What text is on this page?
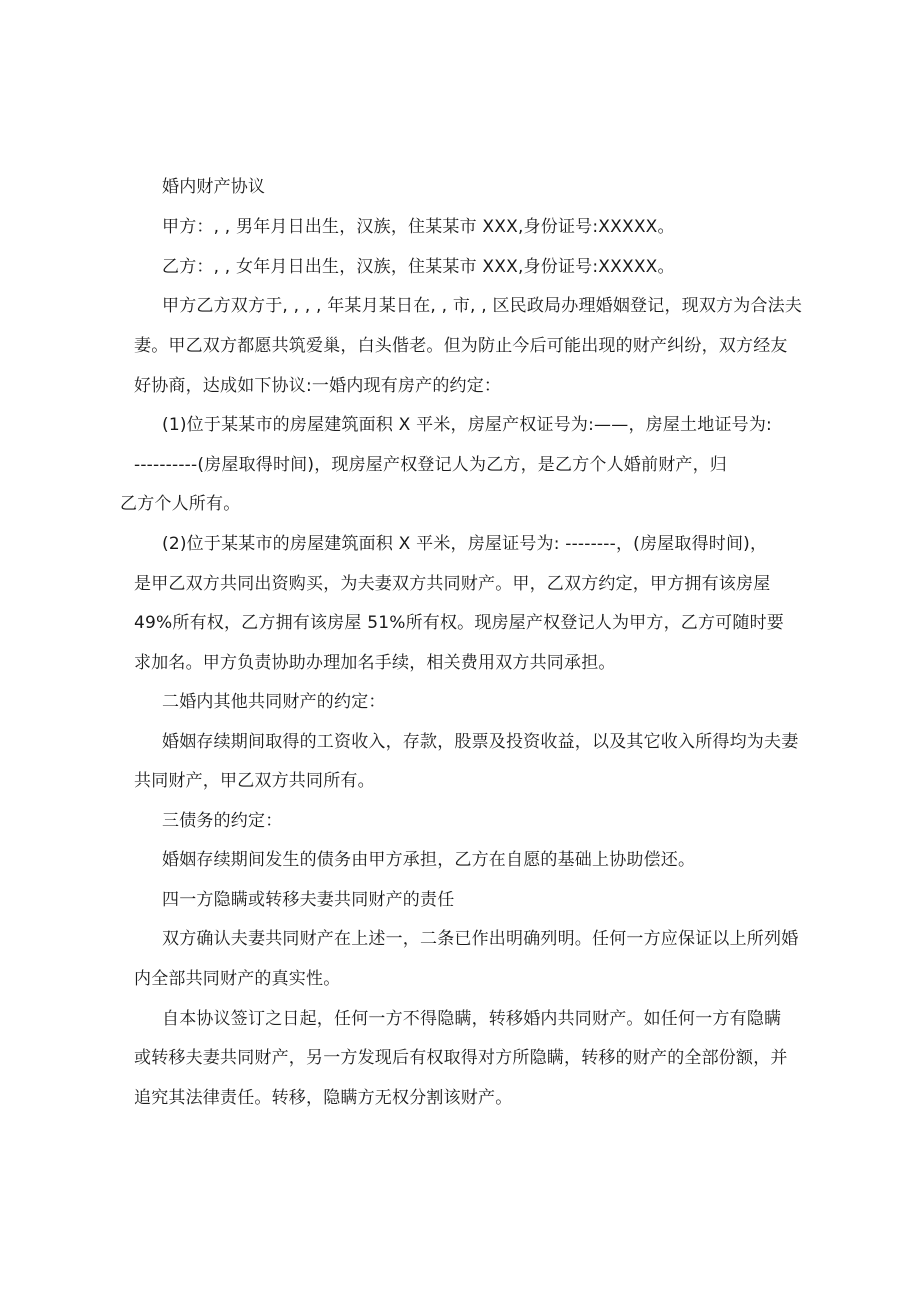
婚内财产协议
甲方：, , 男年月日出生，汉族，住某某市 XXX,身份证号:XXXXX。
乙方：, , 女年月日出生，汉族，住某某市 XXX,身份证号:XXXXX。
甲方乙方双方于, , , , 年某月某日在, , 市, , 区民政局办理婚姻登记，现双方为合法夫
妻。甲乙双方都愿共筑爱巢，白头偕老。但为防止今后可能出现的财产纠纷，双方经友
好协商，达成如下协议:一婚内现有房产的约定：
(1)位于某某市的房屋建筑面积 X 平米，房屋产权证号为:——，房屋土地证号为:
----------(房屋取得时间)，现房屋产权登记人为乙方，是乙方个人婚前财产，归
乙方个人所有。
(2)位于某某市的房屋建筑面积 X 平米，房屋证号为: --------，(房屋取得时间)，
是甲乙双方共同出资购买，为夫妻双方共同财产。甲，乙双方约定，甲方拥有该房屋
49%所有权，乙方拥有该房屋 51%所有权。现房屋产权登记人为甲方，乙方可随时要
求加名。甲方负责协助办理加名手续，相关费用双方共同承担。
二婚内其他共同财产的约定：
婚姻存续期间取得的工资收入，存款，股票及投资收益，以及其它收入所得均为夫妻
共同财产，甲乙双方共同所有。
三债务的约定：
婚姻存续期间发生的债务由甲方承担，乙方在自愿的基础上协助偿还。
四一方隐瞒或转移夫妻共同财产的责任
双方确认夫妻共同财产在上述一，二条已作出明确列明。任何一方应保证以上所列婚
内全部共同财产的真实性。
自本协议签订之日起，任何一方不得隐瞒，转移婚内共同财产。如任何一方有隐瞒
或转移夫妻共同财产，另一方发现后有权取得对方所隐瞒，转移的财产的全部份额，并
追究其法律责任。转移，隐瞒方无权分割该财产。
